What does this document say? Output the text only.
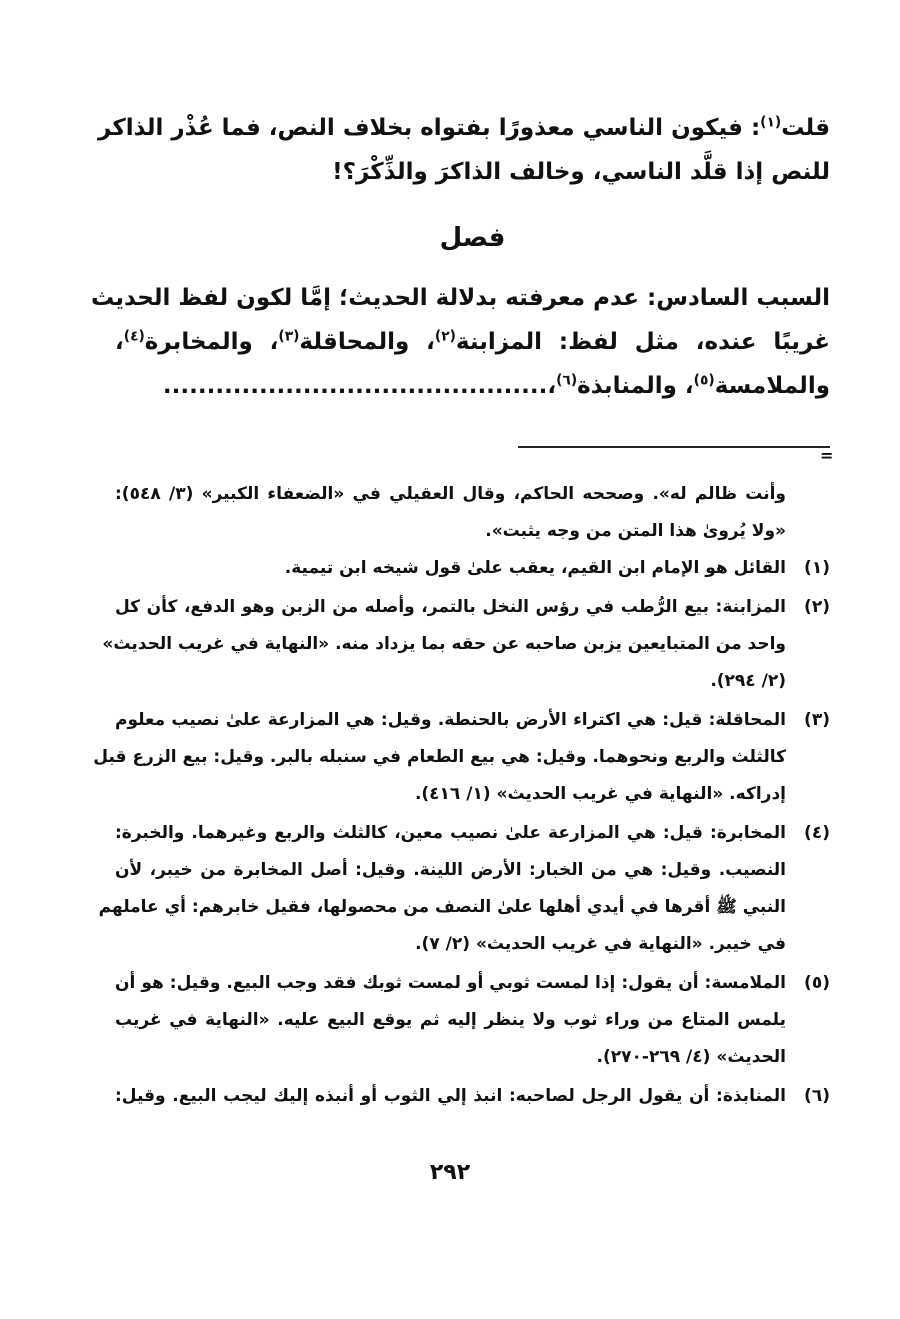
قلت$^{(١)}$: فيكون الناسي معذورًا بفتواه بخلاف النص، فما عُذْر الذاكر
للنص إذا قلَّد الناسي، وخالف الذاكرَ والذِّكْرَ؟!
فصل
السبب السادس: عدم معرفته بدلالة الحديث؛ إمَّا لكون لفظ الحديث
غريبًا عنده، مثل لفظ: المزابنة$^{(٢)}$، والمحاقلة$^{(٣)}$، والمخابرة$^{(٤)}$،
والملامسة$^{(٥)}$، والمنابذة$^{(٦)}$،............................................
=
وأنت ظالم له». وصححه الحاكم، وقال العقيلي في «الضعفاء الكبير» (٣/ ٥٤٨):
«ولا يُروىٰ هذا المتن من وجه يثبت».
(١)
القائل هو الإمام ابن القيم، يعقب علىٰ قول شيخه ابن تيمية.
(٢)
المزابنة: بيع الرُّطب في رؤس النخل بالتمر، وأصله من الزبن وهو الدفع، كأن كل
واحد من المتبايعين يزبن صاحبه عن حقه بما يزداد منه. «النهاية في غريب الحديث»
(٢/ ٢٩٤).
(٣)
المحاقلة: قيل: هي اكتراء الأرض بالحنطة. وقيل: هي المزارعة علىٰ نصيب معلوم
كالثلث والربع ونحوهما. وقيل: هي بيع الطعام في سنبله بالبر. وقيل: بيع الزرع قبل
إدراكه. «النهاية في غريب الحديث» (١/ ٤١٦).
(٤)
المخابرة: قيل: هي المزارعة علىٰ نصيب معين، كالثلث والربع وغيرهما. والخبرة:
النصيب. وقيل: هي من الخبار: الأرض اللينة. وقيل: أصل المخابرة من خيبر، لأن
النبي ﷺ أقرها في أيدي أهلها علىٰ النصف من محصولها، فقيل خابرهم: أي عاملهم
في خيبر. «النهاية في غريب الحديث» (٢/ ٧).
(٥)
الملامسة: أن يقول: إذا لمست ثوبي أو لمست ثوبك فقد وجب البيع. وقيل: هو أن
يلمس المتاع من وراء ثوب ولا ينظر إليه ثم يوقع البيع عليه. «النهاية في غريب
الحديث» (٤/ ٢٦٩-٢٧٠).
(٦)
المنابذة: أن يقول الرجل لصاحبه: انبذ إلي الثوب أو أنبذه إليك ليجب البيع. وقيل:
٢٩٢
